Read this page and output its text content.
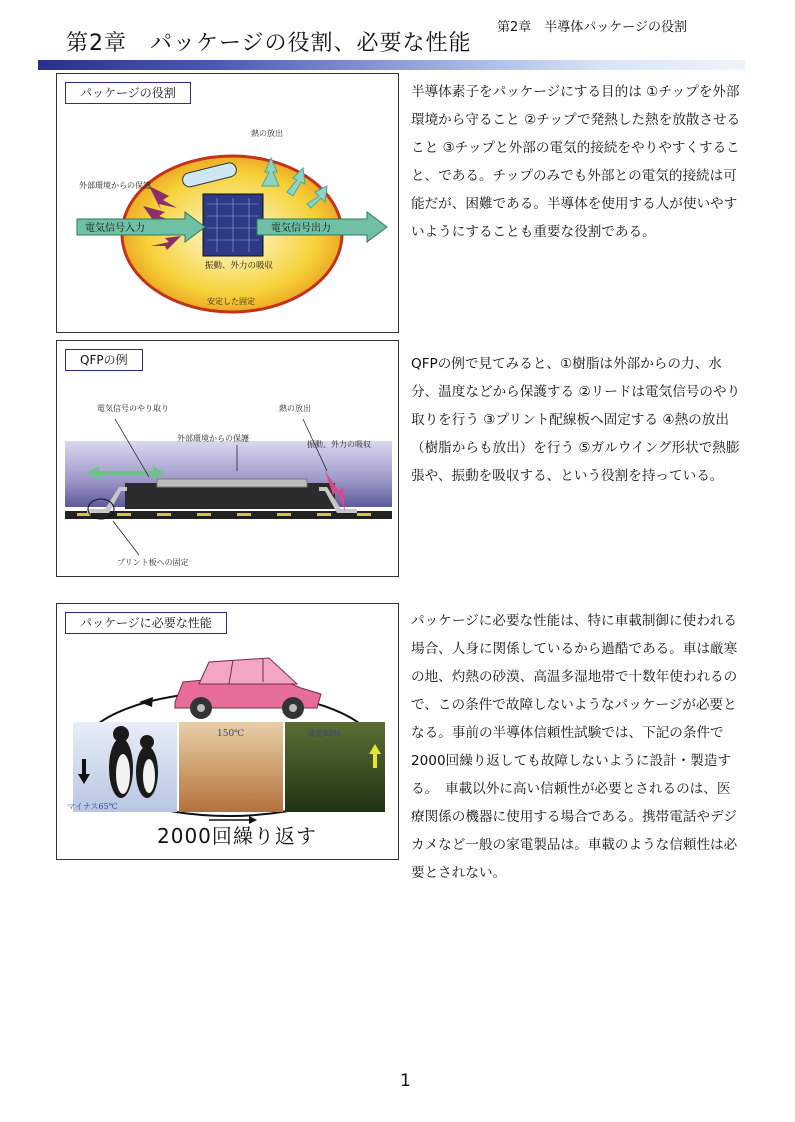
第2章　パッケージの役割、必要な性能
第2章　半導体パッケージの役割
熱の放出
外部環境からの保護
電気信号入力	電気信号出力
振動、外力の吸収
安定した固定
パッケージの役割
電気信号のやり取り	熱の放出
外部環境からの保護
振動、外力の吸収
プリント板への固定
QFPの例
150℃	湿度85%
マイナス65℃
パッケージに必要な性能
2000回繰り返す

半導体素子をパッケージにする目的は ①チップを外部環境から守ること ②チップで発熱した熱を放散させること ③チップと外部の電気的接続をやりやすくすること、である。チップのみでも外部との電気的接続は可能だが、困難である。半導体を使用する人が使いやすいようにすることも重要な役割である。

QFPの例で見てみると、①樹脂は外部からの力、水分、温度などから保護する ②リードは電気信号のやり取りを行う ③プリント配線板へ固定する ④熱の放出（樹脂からも放出）を行う ⑤ガルウイング形状で熱膨張や、振動を吸収する、という役割を持っている。

パッケージに必要な性能は、特に車載制御に使われる場合、人身に関係しているから過酷である。車は厳寒の地、灼熱の砂漠、高温多湿地帯で十数年使われるので、この条件で故障しないようなパッケージが必要となる。事前の半導体信頼性試験では、下記の条件で2000回繰り返しても故障しないように設計・製造する。　車載以外に高い信頼性が必要とされるのは、医療関係の機器に使用する場合である。携帯電話やデジカメなど一般の家電製品は。車載のような信頼性は必要とされない。

1
